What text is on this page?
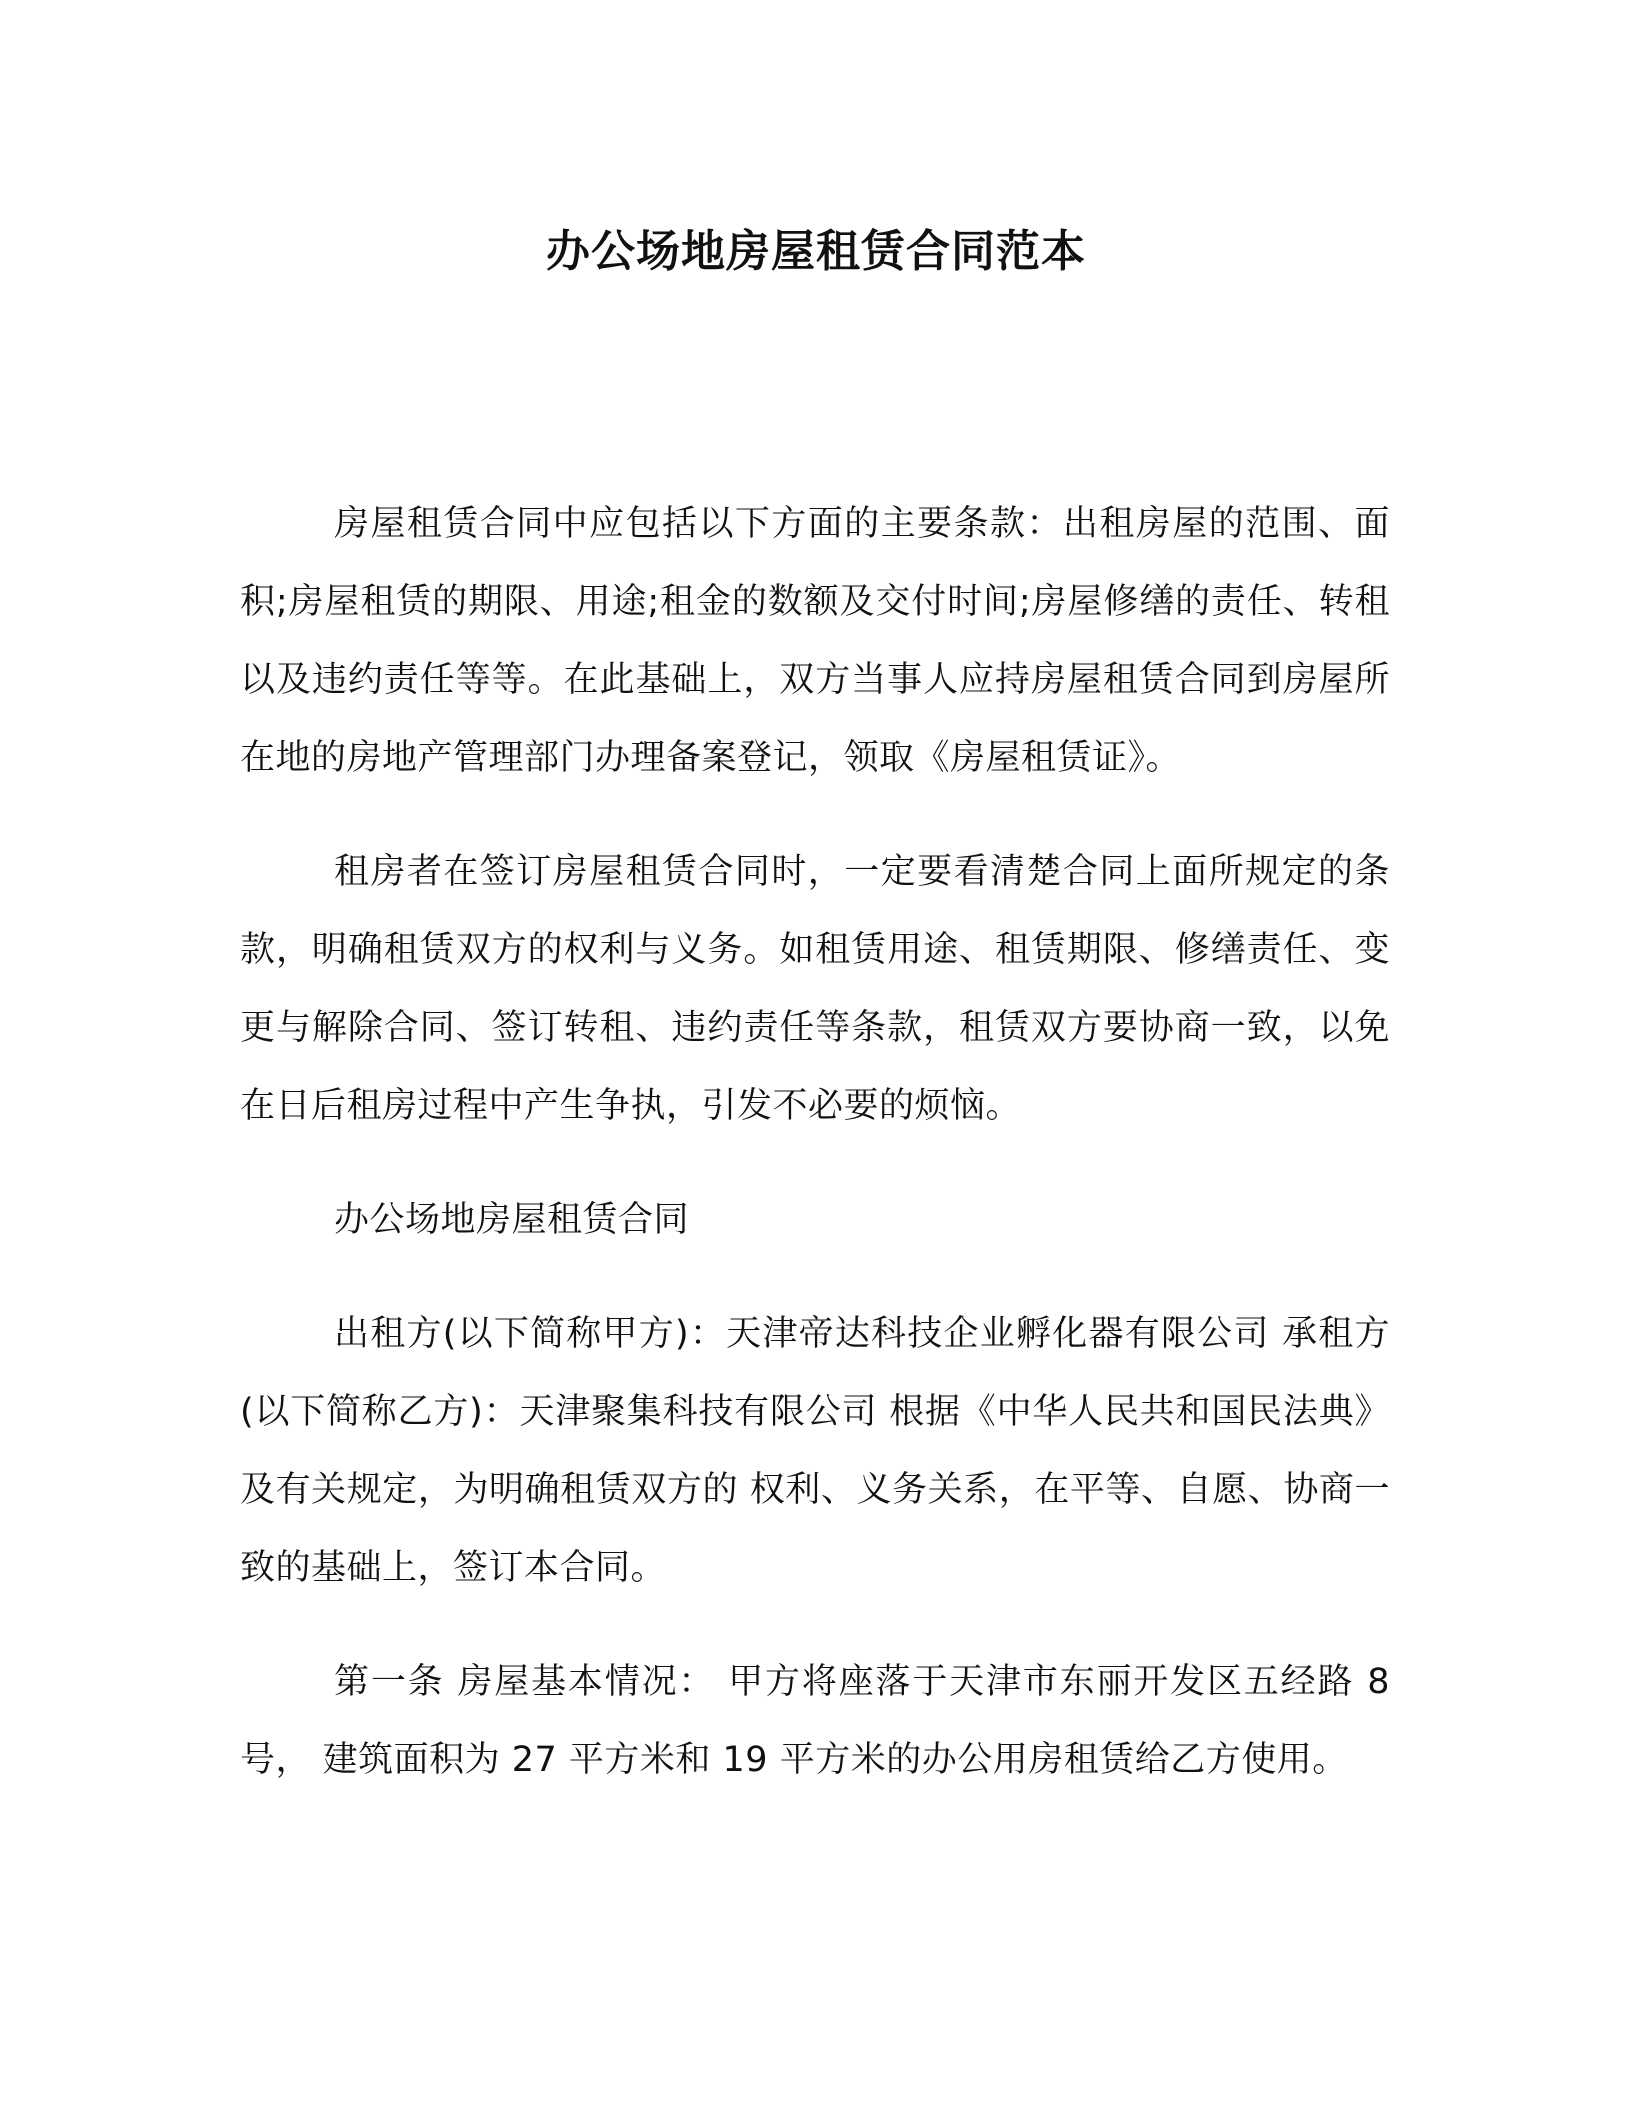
办公场地房屋租赁合同范本

房屋租赁合同中应包括以下方面的主要条款：出租房屋的范围、面积;房屋租赁的期限、用途;租金的数额及交付时间;房屋修缮的责任、转租以及违约责任等等。在此基础上，双方当事人应持房屋租赁合同到房屋所在地的房地产管理部门办理备案登记，领取《房屋租赁证》。

租房者在签订房屋租赁合同时，一定要看清楚合同上面所规定的条款，明确租赁双方的权利与义务。如租赁用途、租赁期限、修缮责任、变更与解除合同、签订转租、违约责任等条款，租赁双方要协商一致，以免在日后租房过程中产生争执，引发不必要的烦恼。

办公场地房屋租赁合同

出租方(以下简称甲方)：天津帝达科技企业孵化器有限公司 承租方(以下简称乙方)：天津聚集科技有限公司 根据《中华人民共和国民法典》及有关规定，为明确租赁双方的 权利、义务关系，在平等、自愿、协商一致的基础上，签订本合同。

第一条 房屋基本情况： 甲方将座落于天津市东丽开发区五经路 8 号， 建筑面积为 27 平方米和 19 平方米的办公用房租赁给乙方使用。
